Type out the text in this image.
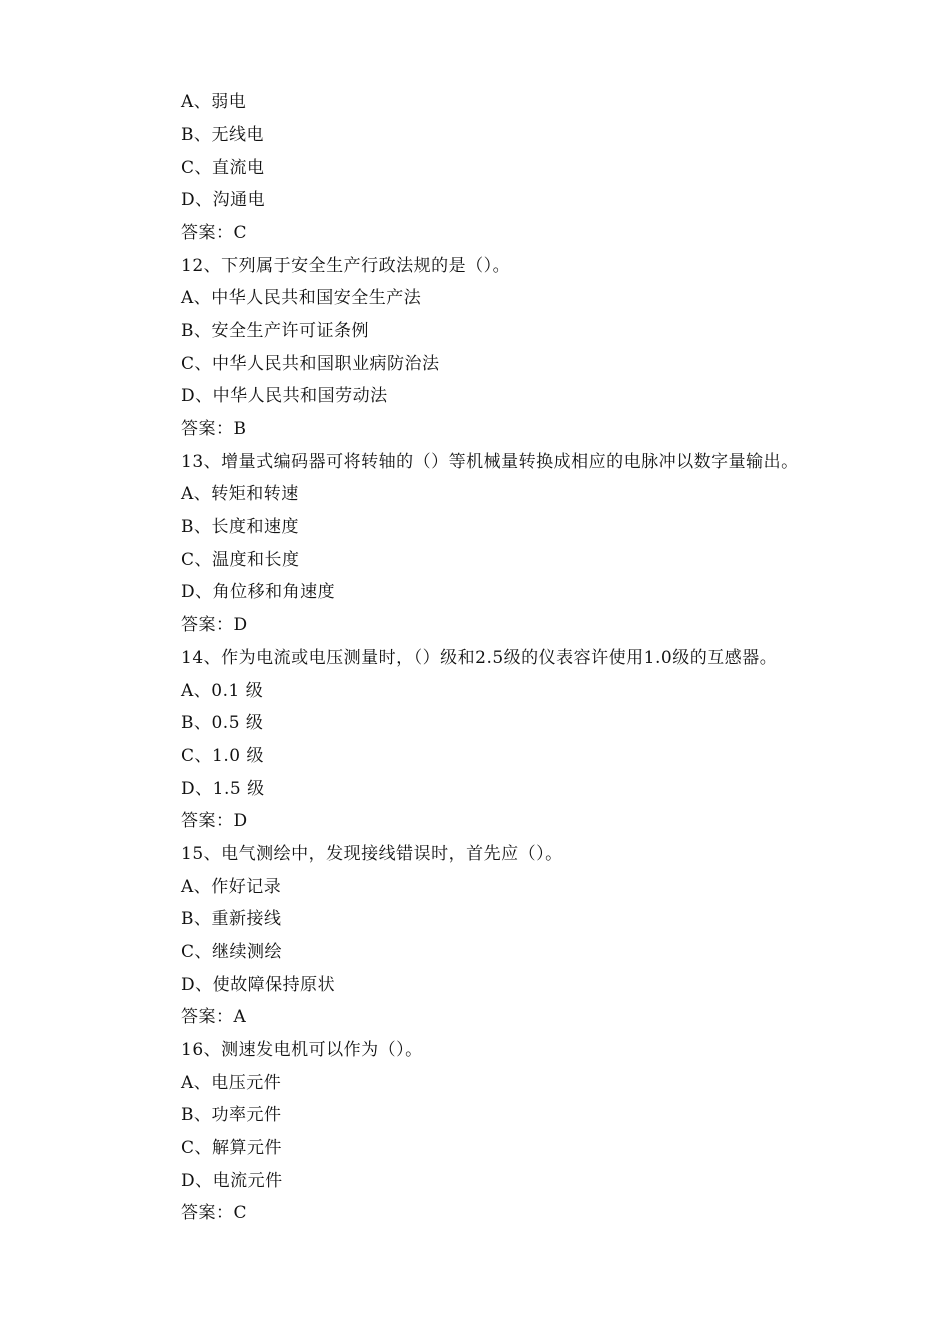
A、弱电
B、无线电
C、直流电
D、沟通电
答案：C
12、下列属于安全生产行政法规的是（）。
A、中华人民共和国安全生产法
B、安全生产许可证条例
C、中华人民共和国职业病防治法
D、中华人民共和国劳动法
答案：B
13、增量式编码器可将转轴的（）等机械量转换成相应的电脉冲以数字量输出。
A、转矩和转速
B、长度和速度
C、温度和长度
D、角位移和角速度
答案：D
14、作为电流或电压测量时，（）级和2.5级的仪表容许使用1.0级的互感器。
A、0.1 级
B、0.5 级
C、1.0 级
D、1.5 级
答案：D
15、电气测绘中，发现接线错误时，首先应（）。
A、作好记录
B、重新接线
C、继续测绘
D、使故障保持原状
答案：A
16、测速发电机可以作为（）。
A、电压元件
B、功率元件
C、解算元件
D、电流元件
答案：C
